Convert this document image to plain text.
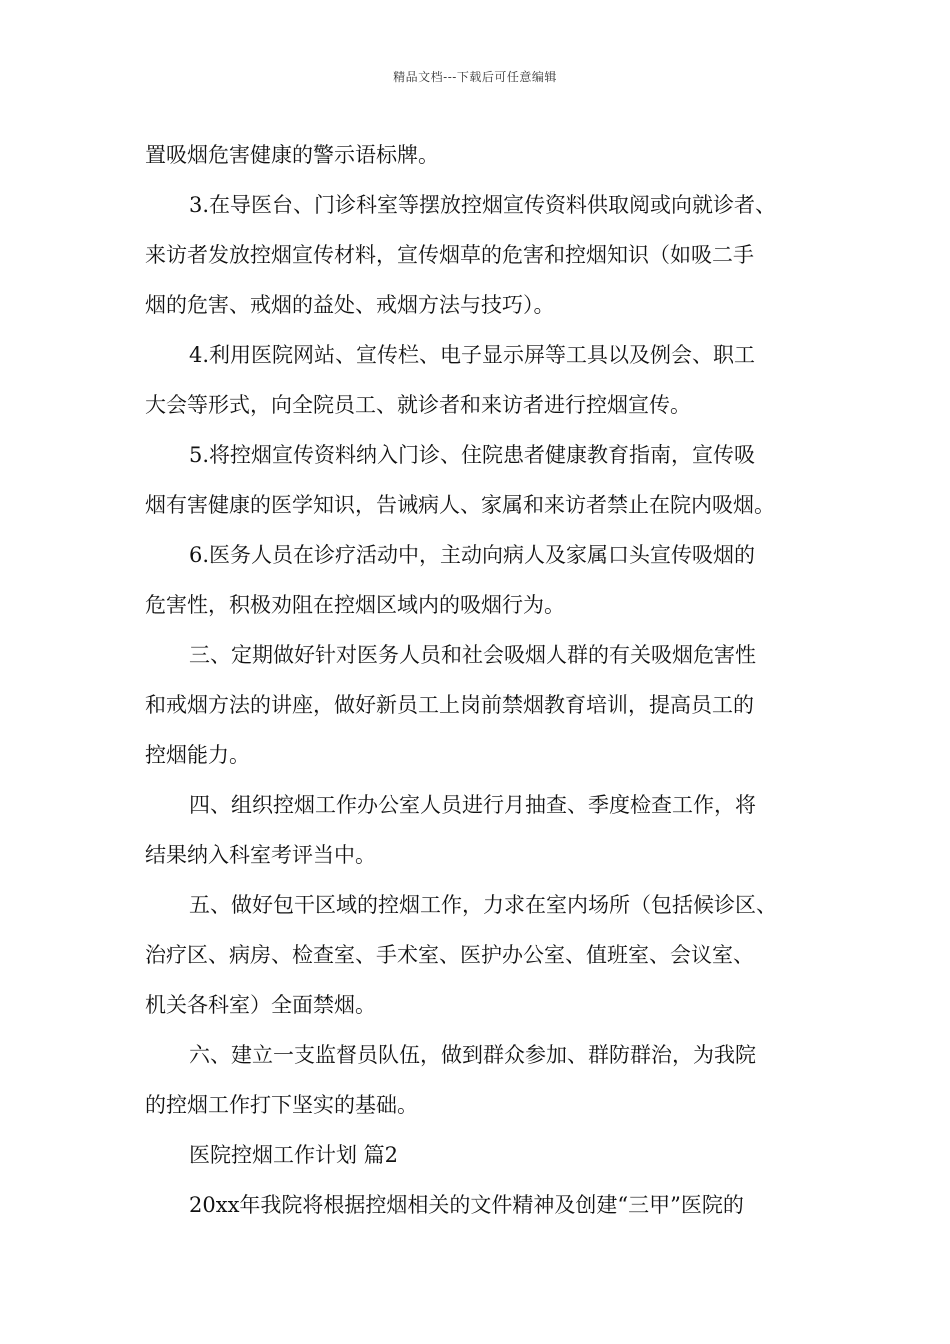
精品文档---下载后可任意编辑
置吸烟危害健康的警示语标牌。
3.在导医台、门诊科室等摆放控烟宣传资料供取阅或向就诊者、
来访者发放控烟宣传材料，宣传烟草的危害和控烟知识（如吸二手
烟的危害、戒烟的益处、戒烟方法与技巧）。
4.利用医院网站、宣传栏、电子显示屏等工具以及例会、职工
大会等形式，向全院员工、就诊者和来访者进行控烟宣传。
5.将控烟宣传资料纳入门诊、住院患者健康教育指南，宣传吸
烟有害健康的医学知识，告诫病人、家属和来访者禁止在院内吸烟。
6.医务人员在诊疗活动中，主动向病人及家属口头宣传吸烟的
危害性，积极劝阻在控烟区域内的吸烟行为。
三、定期做好针对医务人员和社会吸烟人群的有关吸烟危害性
和戒烟方法的讲座，做好新员工上岗前禁烟教育培训，提高员工的
控烟能力。
四、组织控烟工作办公室人员进行月抽查、季度检查工作，将
结果纳入科室考评当中。
五、做好包干区域的控烟工作，力求在室内场所（包括候诊区、
治疗区、病房、检查室、手术室、医护办公室、值班室、会议室、
机关各科室）全面禁烟。
六、建立一支监督员队伍，做到群众参加、群防群治，为我院
的控烟工作打下坚实的基础。
医院控烟工作计划 篇2
20xx年我院将根据控烟相关的文件精神及创建“三甲”医院的
